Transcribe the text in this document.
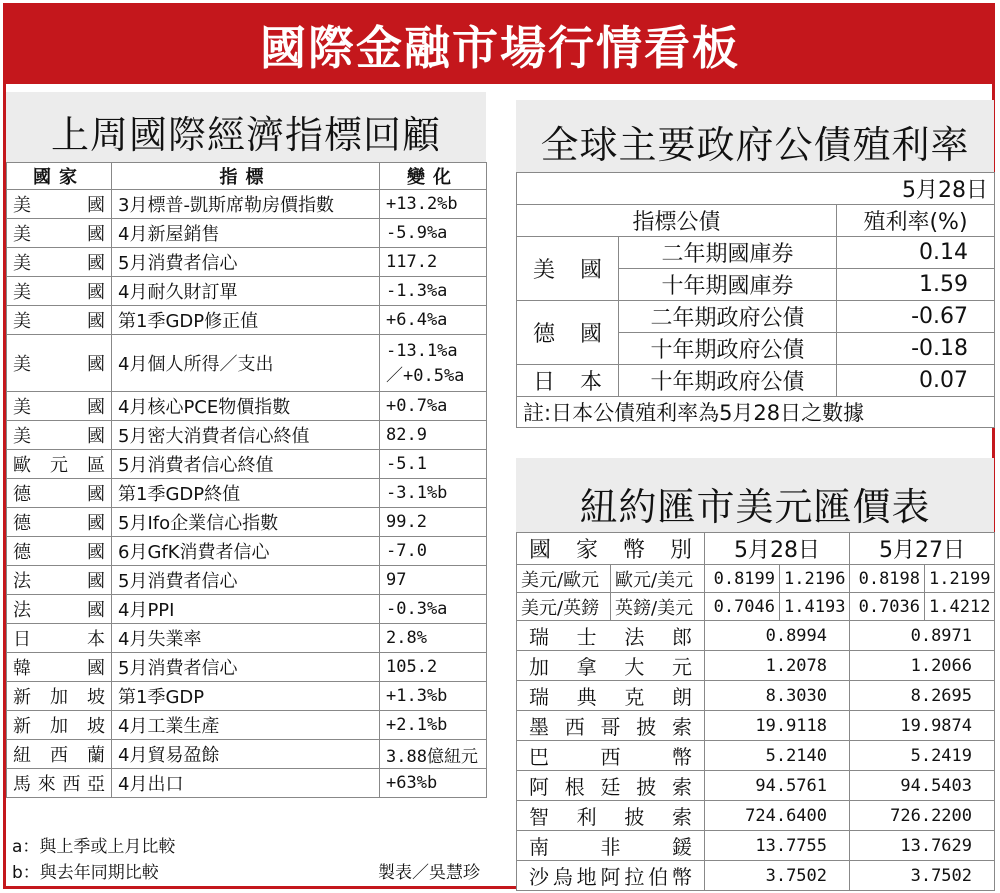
國際金融市場行情看板
上周國際經濟指標回顧
國家	指標	變化
美國	3月標普-凱斯席勒房價指數	+13.2%b
美國	4月新屋銷售	-5.9%a
美國	5月消費者信心	117.2
美國	4月耐久財訂單	-1.3%a
美國	第1季GDP修正值	+6.4%a
美國	4月個人所得／支出	-13.1%a
／+0.5%a

美國	4月核心PCE物價指數	+0.7%a
美國	5月密大消費者信心終值	82.9
歐元區	5月消費者信心終值	-5.1
德國	第1季GDP終值	-3.1%b
德國	5月Ifo企業信心指數	99.2
德國	6月GfK消費者信心	-7.0
法國	5月消費者信心	97
法國	4月PPI	-0.3%a
日本	4月失業率	2.8%
韓國	5月消費者信心	105.2
新加坡	第1季GDP	+1.3%b
新加坡	4月工業生產	+2.1%b
紐西蘭	4月貿易盈餘	3.88億紐元
馬來西亞	4月出口	+63%b
a：與上季或上月比較
b：與去年同期比較	製表／吳慧珍
全球主要政府公債殖利率
5月28日		
指標公債		殖利率(%)
美國	二年期國庫券	0.14
	十年期國庫券	1.59
德國	二年期政府公債	-0.67
	十年期政府公債	-0.18
日本	十年期政府公債	0.07
註:日本公債殖利率為5月28日之數據		
紐約匯市美元匯價表
國家幣別		5月28日		5月27日	
美元/歐元	歐元/美元	0.8199	1.2196	0.8198	1.2199
美元/英鎊	英鎊/美元	0.7046	1.4193	0.7036	1.4212
瑞士法郎		0.8994		0.8971	
加拿大元		1.2078		1.2066	
瑞典克朗		8.3030		8.2695	
墨西哥披索		19.9118		19.9874	
巴西幣		5.2140		5.2419	
阿根廷披索		94.5761		94.5403	
智利披索		724.6400		726.2200	
南非鍰		13.7755		13.7629	
沙烏地阿拉伯幣		3.7502		3.7502	
